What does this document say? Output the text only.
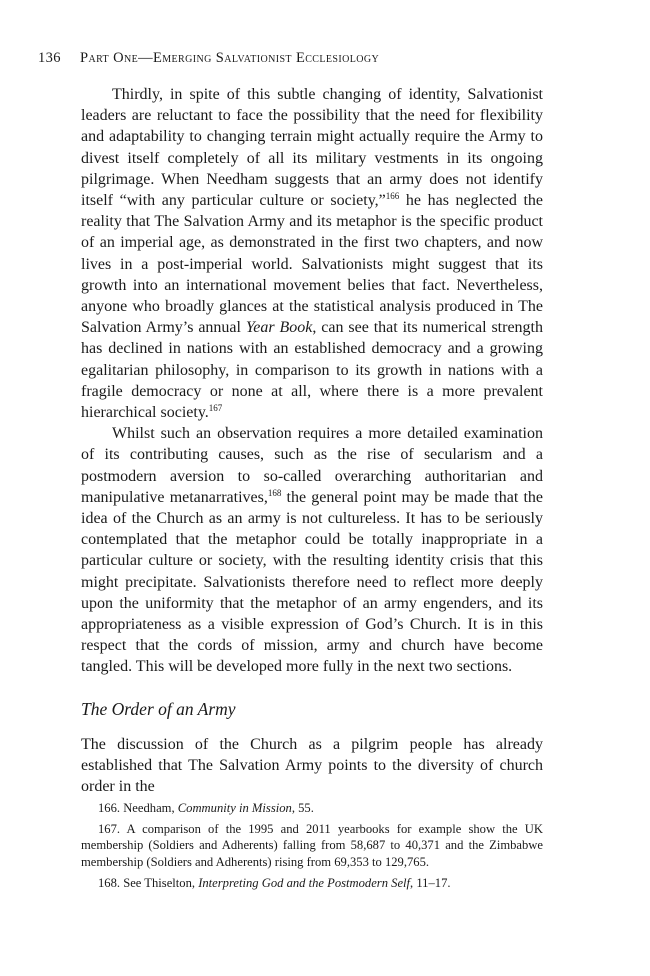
136 Part One—Emerging Salvationist Ecclesiology

Thirdly, in spite of this subtle changing of identity, Salvationist leaders are reluctant to face the possibility that the need for flexibility and adaptability to changing terrain might actually require the Army to divest itself completely of all its military vestments in its ongoing pilgrimage. When Needham suggests that an army does not identify itself “with any particular culture or society,”$^{166}$ he has neglected the reality that The Salvation Army and its metaphor is the specific product of an imperial age, as demonstrated in the first two chapters, and now lives in a post-imperial world. Salvationists might suggest that its growth into an international movement belies that fact. Nevertheless, anyone who broadly glances at the statistical analysis produced in The Salvation Army’s annual Year Book, can see that its numerical strength has declined in nations with an established democracy and a growing egalitarian philosophy, in comparison to its growth in nations with a fragile democracy or none at all, where there is a more prevalent hierarchical society.$^{167}$

Whilst such an observation requires a more detailed examination of its contributing causes, such as the rise of secularism and a postmodern aversion to so-called overarching authoritarian and manipulative metanarratives,$^{168}$ the general point may be made that the idea of the Church as an army is not cultureless. It has to be seriously contemplated that the metaphor could be totally inappropriate in a particular culture or society, with the resulting identity crisis that this might precipitate. Salvationists therefore need to reflect more deeply upon the uniformity that the metaphor of an army engenders, and its appropriateness as a visible expression of God’s Church. It is in this respect that the cords of mission, army and church have become tangled. This will be developed more fully in the next two sections.

The Order of an Army

The discussion of the Church as a pilgrim people has already established that The Salvation Army points to the diversity of church order in the

166. Needham, Community in Mission, 55.

167. A comparison of the 1995 and 2011 yearbooks for example show the UK membership (Soldiers and Adherents) falling from 58,687 to 40,371 and the Zimbabwe membership (Soldiers and Adherents) rising from 69,353 to 129,765.

168. See Thiselton, Interpreting God and the Postmodern Self, 11–17.
